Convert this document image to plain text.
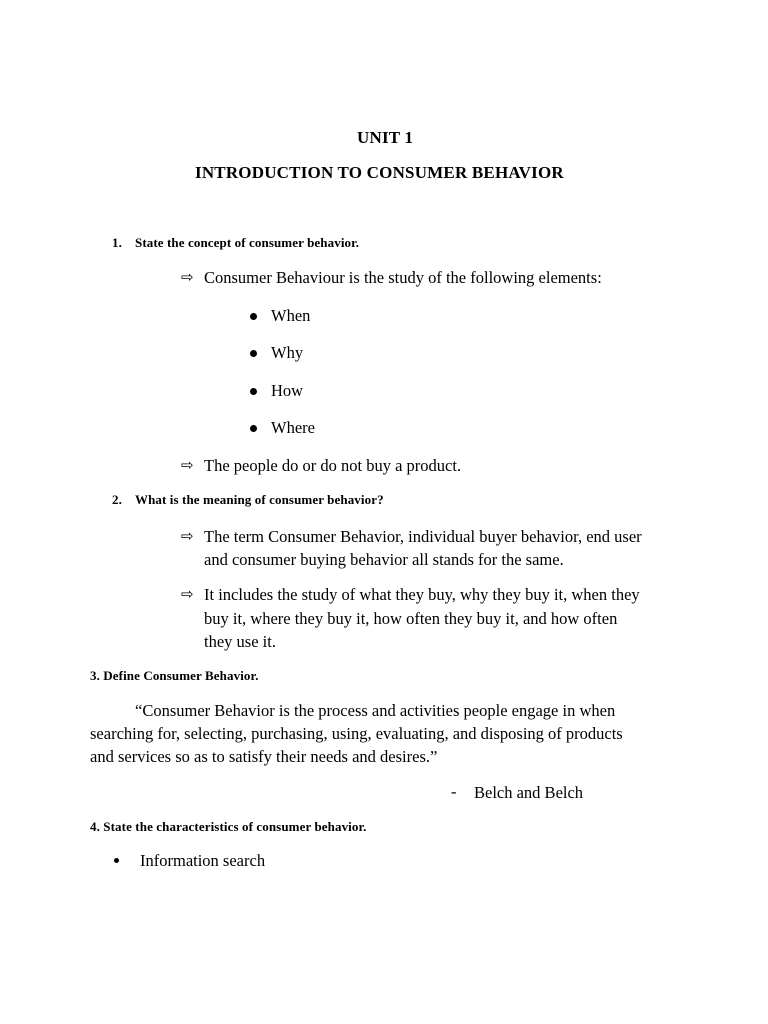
UNIT 1
INTRODUCTION TO CONSUMER BEHAVIOR
1. State the concept of consumer behavior.
⇨ Consumer Behaviour is the study of the following elements:
When
Why
How
Where
⇨ The people do or do not buy a product.
2. What is the meaning of consumer behavior?
⇨ The term Consumer Behavior, individual buyer behavior, end user
and consumer buying behavior all stands for the same.
⇨ It includes the study of what they buy, why they buy it, when they
buy it, where they buy it, how often they buy it, and how often
they use it.
3. Define Consumer Behavior.
“Consumer Behavior is the process and activities people engage in when
searching for, selecting, purchasing, using, evaluating, and disposing of products
and services so as to satisfy their needs and desires.”
- Belch and Belch
4. State the characteristics of consumer behavior.
Information search
